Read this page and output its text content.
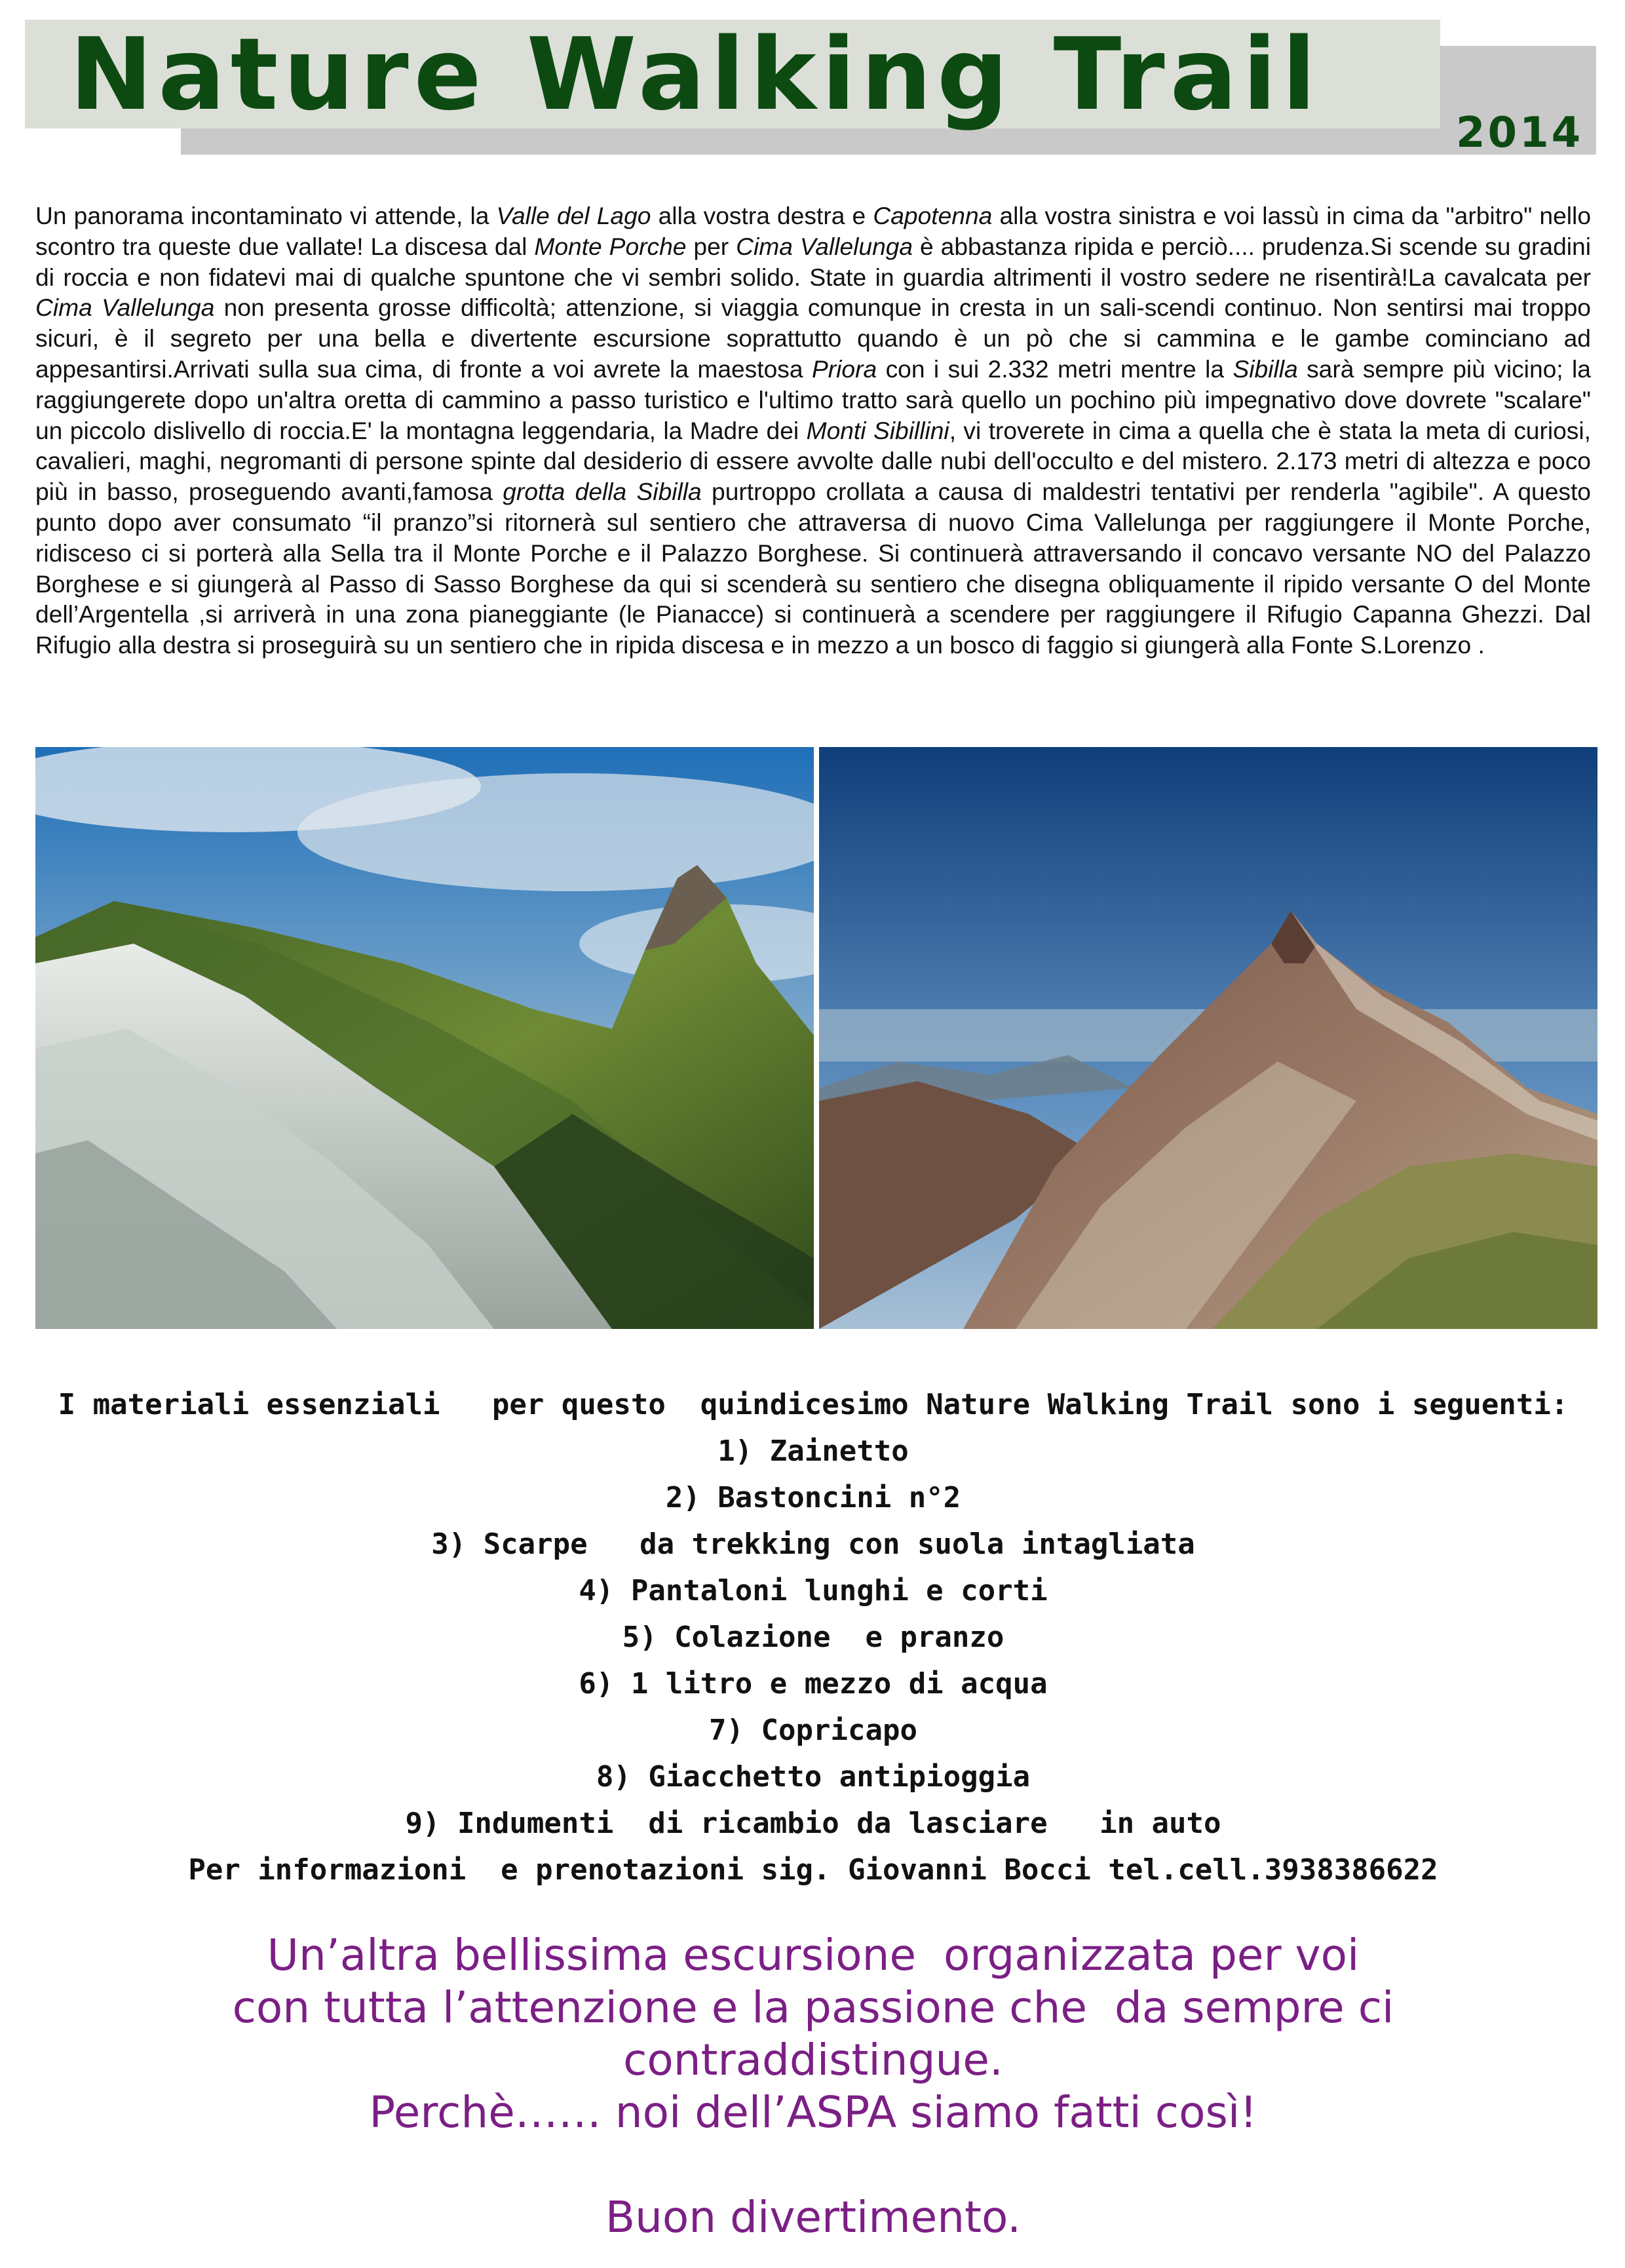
Nature Walking Trail
2014

Un panorama incontaminato vi attende, la Valle del Lago alla vostra destra e Capotenna alla vostra sinistra e voi lassù in cima da "arbitro" nello scontro tra queste due vallate! La discesa dal Monte Porche per Cima Vallelunga è abbastanza ripida e perciò.... prudenza.Si scende su gradini di roccia e non fidatevi mai di qualche spuntone che vi sembri solido. State in guardia altrimenti il vostro sedere ne risentirà!La cavalcata per Cima Vallelunga non presenta grosse difficoltà; attenzione, si viaggia comunque in cresta in un sali-scendi continuo. Non sentirsi mai troppo sicuri, è il segreto per una bella e divertente escursione soprattutto quando è un pò che si cammina e le gambe cominciano ad appesantirsi.Arrivati sulla sua cima, di fronte a voi avrete la maestosa Priora con i sui 2.332 metri mentre la Sibilla sarà sempre più vicino; la raggiungerete dopo un'altra oretta di cammino a passo turistico e l'ultimo tratto sarà quello un pochino più impegnativo dove dovrete "scalare" un piccolo dislivello di roccia.E' la montagna leggendaria, la Madre dei Monti Sibillini, vi troverete in cima a quella che è stata la meta di curiosi, cavalieri, maghi, negromanti di persone spinte dal desiderio di essere avvolte dalle nubi dell'occulto e del mistero. 2.173 metri di altezza e poco più in basso, proseguendo avanti,famosa grotta della Sibilla purtroppo crollata a causa di maldestri tentativi per renderla "agibile". A questo punto dopo aver consumato “il pranzo”si ritornerà sul sentiero che attraversa di nuovo Cima Vallelunga per raggiungere il Monte Porche, ridisceso ci si porterà alla Sella tra il Monte Porche e il Palazzo Borghese. Si continuerà attraversando il concavo versante NO del Palazzo Borghese e si giungerà al Passo di Sasso Borghese da qui si scenderà su sentiero che disegna obliquamente il ripido versante O del Monte dell’Argentella ,si arriverà in una zona pianeggiante (le Pianacce) si continuerà a scendere per raggiungere il Rifugio Capanna Ghezzi. Dal Rifugio alla destra si proseguirà su un sentiero che in ripida discesa e in mezzo a un bosco di faggio si giungerà alla Fonte S.Lorenzo .

I materiali essenziali   per questo  quindicesimo Nature Walking Trail sono i seguenti:
1) Zainetto
2) Bastoncini n°2
3) Scarpe   da trekking con suola intagliata
4) Pantaloni lunghi e corti
5) Colazione  e pranzo
6) 1 litro e mezzo di acqua
7) Copricapo
8) Giacchetto antipioggia
9) Indumenti  di ricambio da lasciare   in auto
Per informazioni  e prenotazioni sig. Giovanni Bocci tel.cell.3938386622
Un’altra bellissima escursione  organizzata per voi
con tutta l’attenzione e la passione che  da sempre ci
contraddistingue.
Perchè…… noi dell’ASPA siamo fatti così!
Buon divertimento.
